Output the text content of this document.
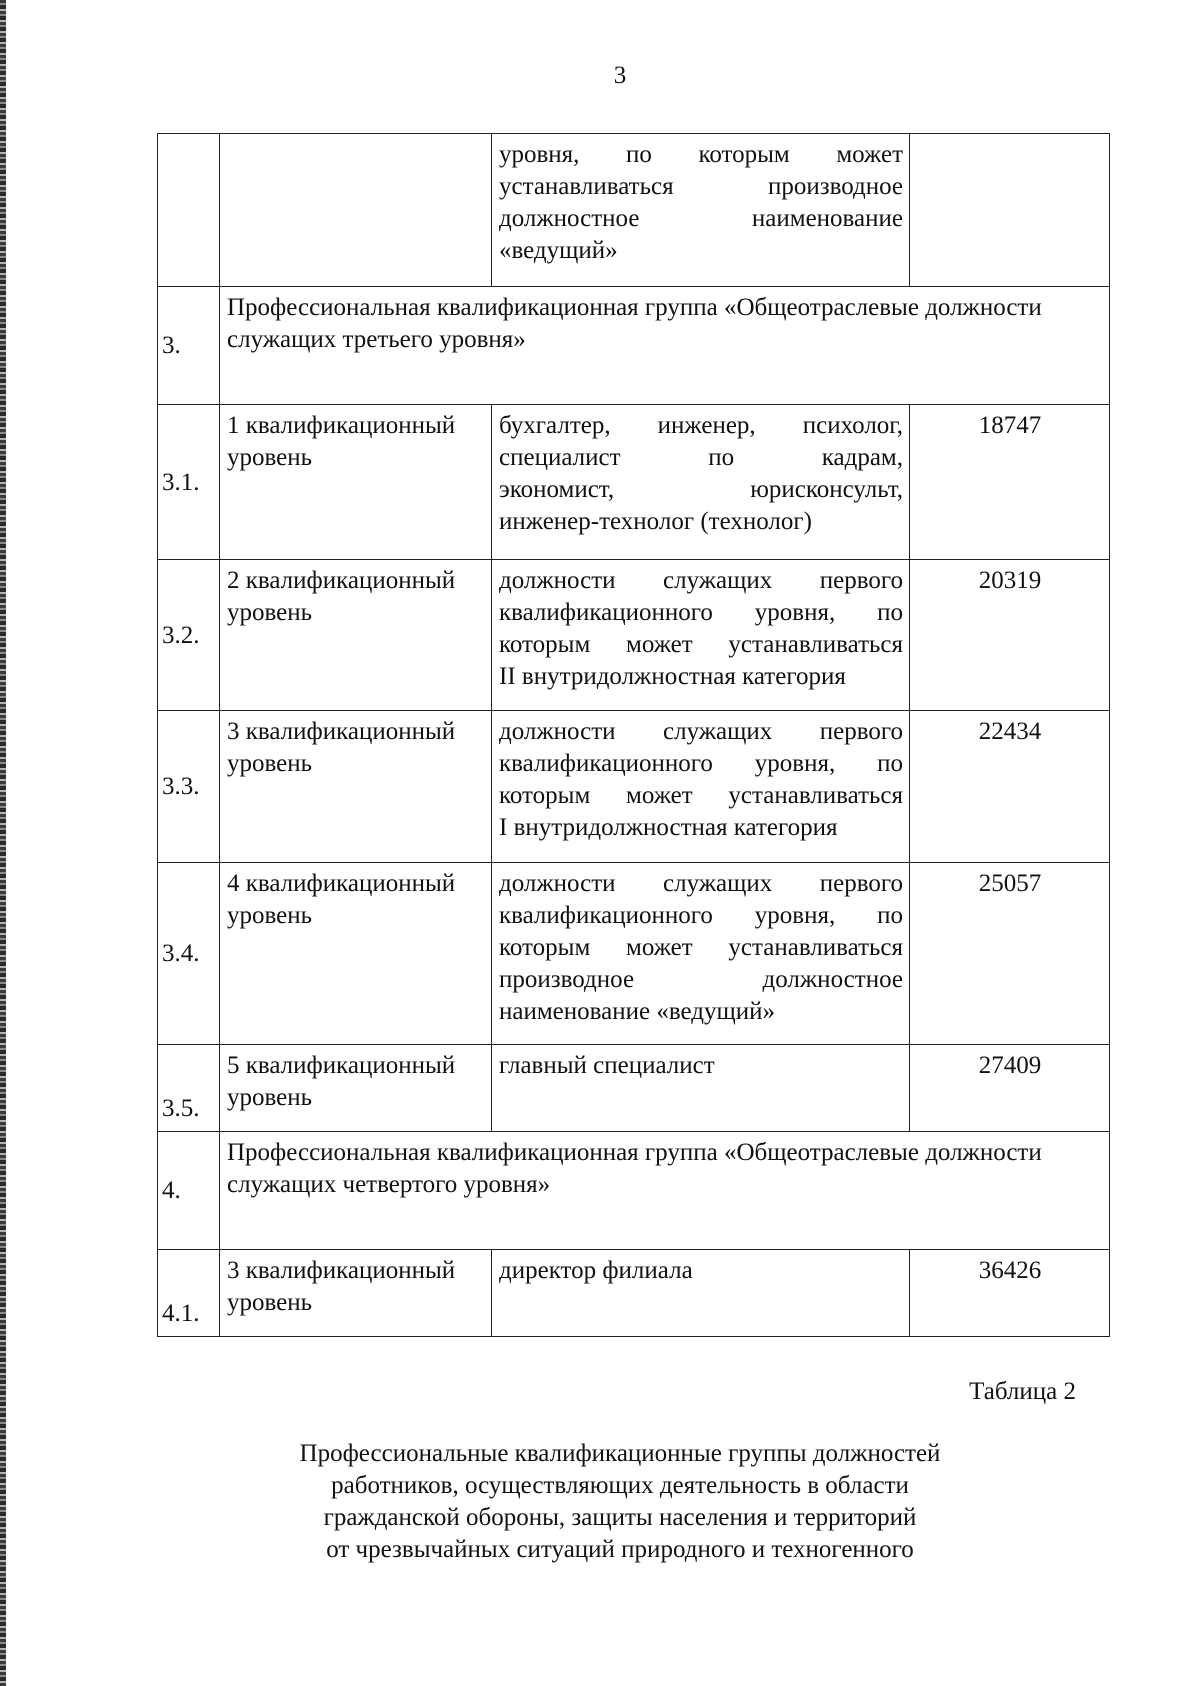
3

		уровня, по которым может
устанавливаться производное
должностное наименование
«ведущий»	

3.	Профессиональная квалификационная группа «Общеотраслевые должности служащих третьего уровня»		
3.1.	1 квалификационный уровень	бухгалтер, инженер, психолог,
специалист по кадрам,
экономист, юрисконсульт,
инженер-технолог (технолог)	18747
3.2.	2 квалификационный уровень	должности служащих первого
квалификационного уровня, по
которым может устанавливаться
II внутридолжностная категория	20319
3.3.	3 квалификационный уровень	должности служащих первого
квалификационного уровня, по
которым может устанавливаться
I внутридолжностная категория	22434
3.4.	4 квалификационный уровень	должности служащих первого
квалификационного уровня, по
которым может устанавливаться
производное должностное
наименование «ведущий»	25057
3.5.	5 квалификационный уровень	главный специалист	27409
4.	Профессиональная квалификационная группа «Общеотраслевые должности служащих четвертого уровня»		
4.1.	3 квалификационный уровень	директор филиала	36426
Таблица 2
Профессиональные квалификационные группы должностей
работников, осуществляющих деятельность в области
гражданской обороны, защиты населения и территорий
от чрезвычайных ситуаций природного и техногенного
